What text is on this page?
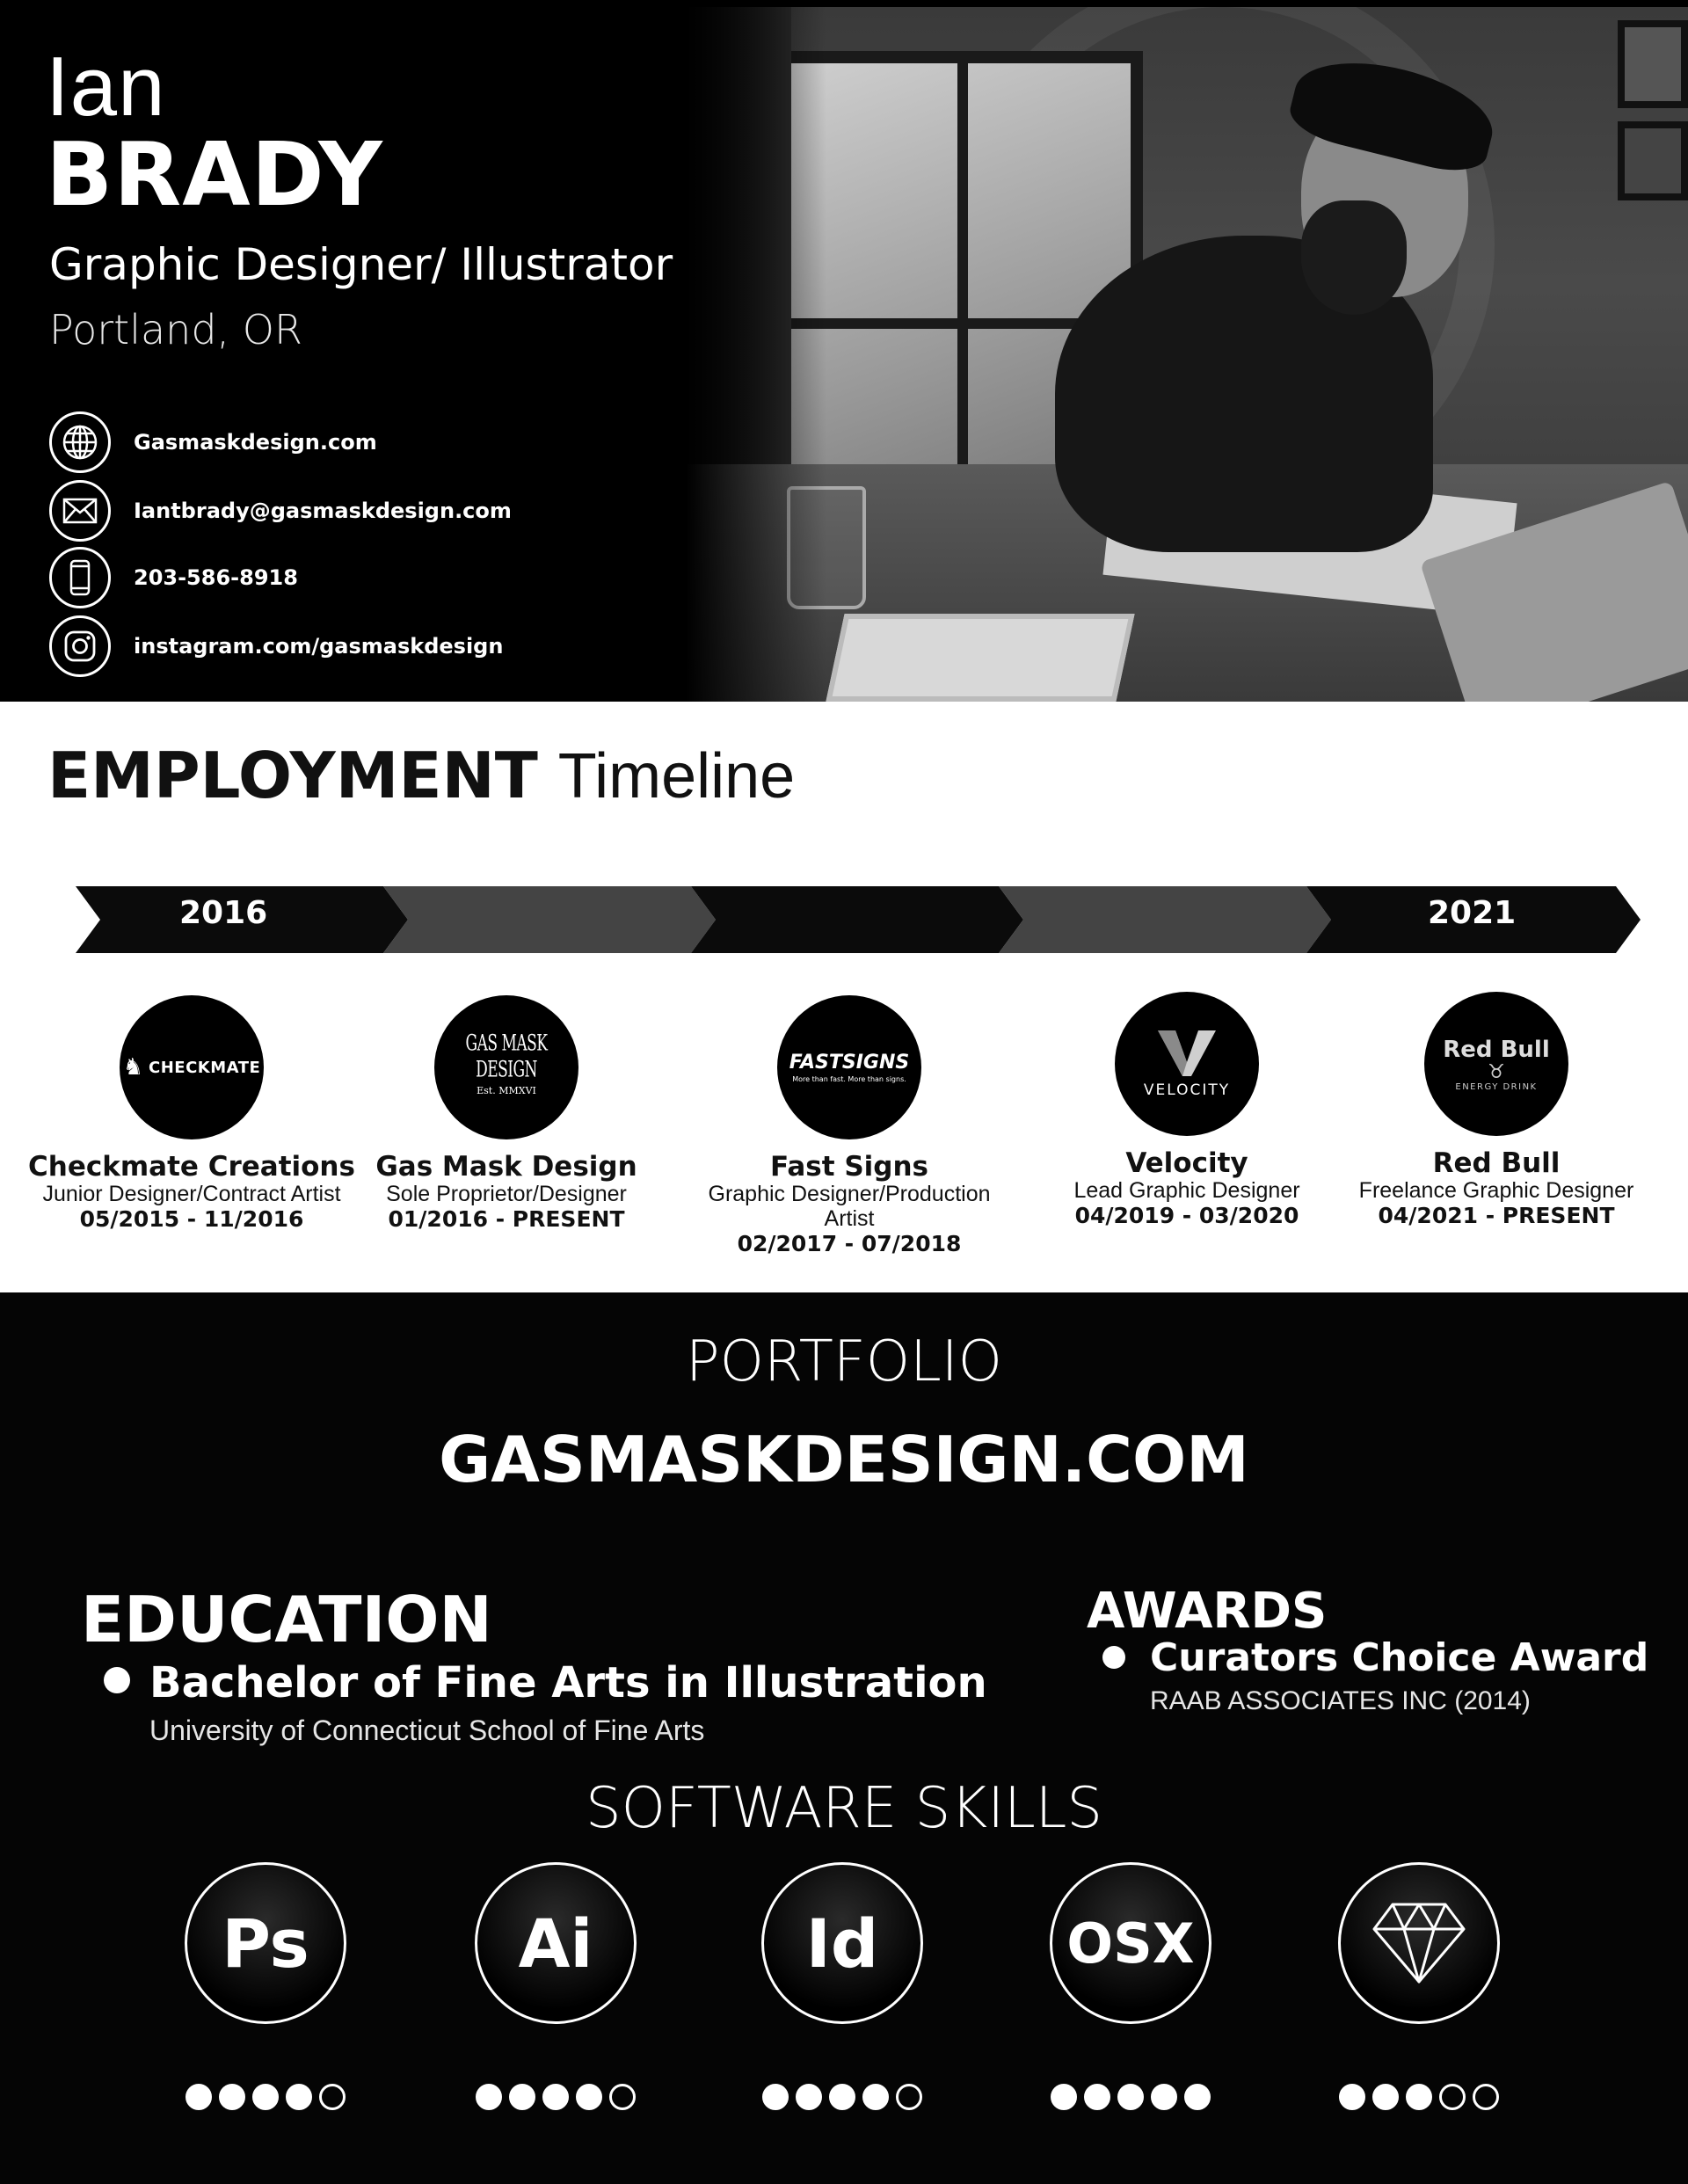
Ian
BRADY
Graphic Designer/ Illustrator
Portland, OR
Gasmaskdesign.com
Iantbrady@gasmaskdesign.com
203-586-8918
instagram.com/gasmaskdesign
EMPLOYMENT Timeline
2016	2021
♞ CHECKMATE
Checkmate Creations
Junior Designer/Contract Artist
05/2015 - 11/2016
GAS MASK DESIGN
Est. MMXVI
Gas Mask Design
Sole Proprietor/Designer
01/2016 - PRESENT
FASTSIGNS
More than fast. More than signs.
Fast Signs
Graphic Designer/Production Artist
02/2017 - 07/2018
VELOCITY
Velocity
Lead Graphic Designer
04/2019 - 03/2020
Red Bull
♉
ENERGY DRINK
Red Bull
Freelance Graphic Designer
04/2021 - PRESENT
PORTFOLIO
GASMASKDESIGN.COM
EDUCATION
Bachelor of Fine Arts in Illustration
University of Connecticut School of Fine Arts
AWARDS
Curators Choice Award
RAAB ASSOCIATES INC (2014)
SOFTWARE SKILLS
Ps	Ai	Id	OSX
